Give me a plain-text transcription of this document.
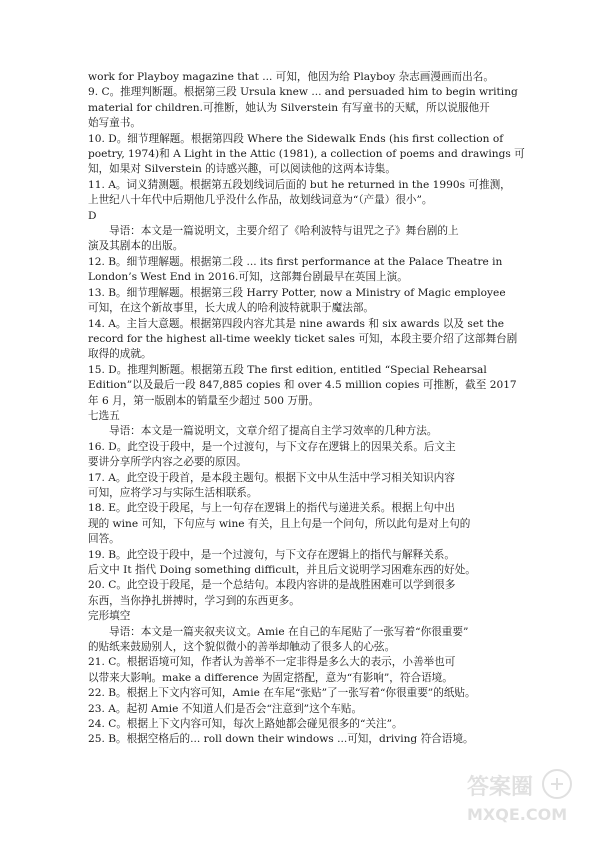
work for Playboy magazine that ... 可知，他因为给 Playboy 杂志画漫画而出名。
9. C。推理判断题。根据第三段 Ursula knew ... and persuaded him to begin writing
material for children.可推断，她认为 Silverstein 有写童书的天赋，所以说服他开
始写童书。
10. D。细节理解题。根据第四段 Where the Sidewalk Ends (his first collection of
poetry, 1974)和 A Light in the Attic (1981), a collection of poems and drawings 可
知，如果对 Silverstein 的诗感兴趣，可以阅读他的这两本诗集。
11. A。词义猜测题。根据第五段划线词后面的 but he returned in the 1990s 可推测，
上世纪八十年代中后期他几乎没什么作品，故划线词意为“（产量）很小”。
D
导语：本文是一篇说明文，主要介绍了《哈利波特与诅咒之子》舞台剧的上
演及其剧本的出版。
12. B。细节理解题。根据第二段 ... its first performance at the Palace Theatre in
London’s West End in 2016.可知，这部舞台剧最早在英国上演。
13. B。细节理解题。根据第三段 Harry Potter, now a Ministry of Magic employee
可知，在这个新故事里，长大成人的哈利波特就职于魔法部。
14. A。主旨大意题。根据第四段内容尤其是 nine awards 和 six awards 以及 set the
record for the highest all-time weekly ticket sales 可知，本段主要介绍了这部舞台剧
取得的成就。
15. D。推理判断题。根据第五段 The first edition, entitled “Special Rehearsal
Edition”以及最后一段 847,885 copies 和 over 4.5 million copies 可推断，截至 2017
年 6 月，第一版剧本的销量至少超过 500 万册。
七选五
导语：本文是一篇说明文，文章介绍了提高自主学习效率的几种方法。
16. D。此空设于段中，是一个过渡句，与下文存在逻辑上的因果关系。后文主
要讲分享所学内容之必要的原因。
17. A。此空设于段首，是本段主题句。根据下文中从生活中学习相关知识内容
可知，应将学习与实际生活相联系。
18. E。此空设于段尾，与上一句存在逻辑上的指代与递进关系。根据上句中出
现的 wine 可知，下句应与 wine 有关，且上句是一个问句，所以此句是对上句的
回答。
19. B。此空设于段中，是一个过渡句，与下文存在逻辑上的指代与解释关系。
后文中 It 指代 Doing something difficult，并且后文说明学习困难东西的好处。
20. C。此空设于段尾，是一个总结句。本段内容讲的是战胜困难可以学到很多
东西，当你挣扎拼搏时，学习到的东西更多。
完形填空
导语：本文是一篇夹叙夹议文。Amie 在自己的车尾贴了一张写着“你很重要”
的贴纸来鼓励别人，这个貌似微小的善举却触动了很多人的心弦。
21. C。根据语境可知，作者认为善举不一定非得是多么大的表示，小善举也可
以带来大影响。make a difference 为固定搭配，意为“有影响”，符合语境。
22. B。根据上下文内容可知，Amie 在车尾“张贴”了一张写着“你很重要”的纸贴。
23. A。起初 Amie 不知道人们是否会“注意到”这个车贴。
24. C。根据上下文内容可知，每次上路她都会碰见很多的“关注”。
25. B。根据空格后的... roll down their windows ...可知，driving 符合语境。
答案圈
MXQE.COM
